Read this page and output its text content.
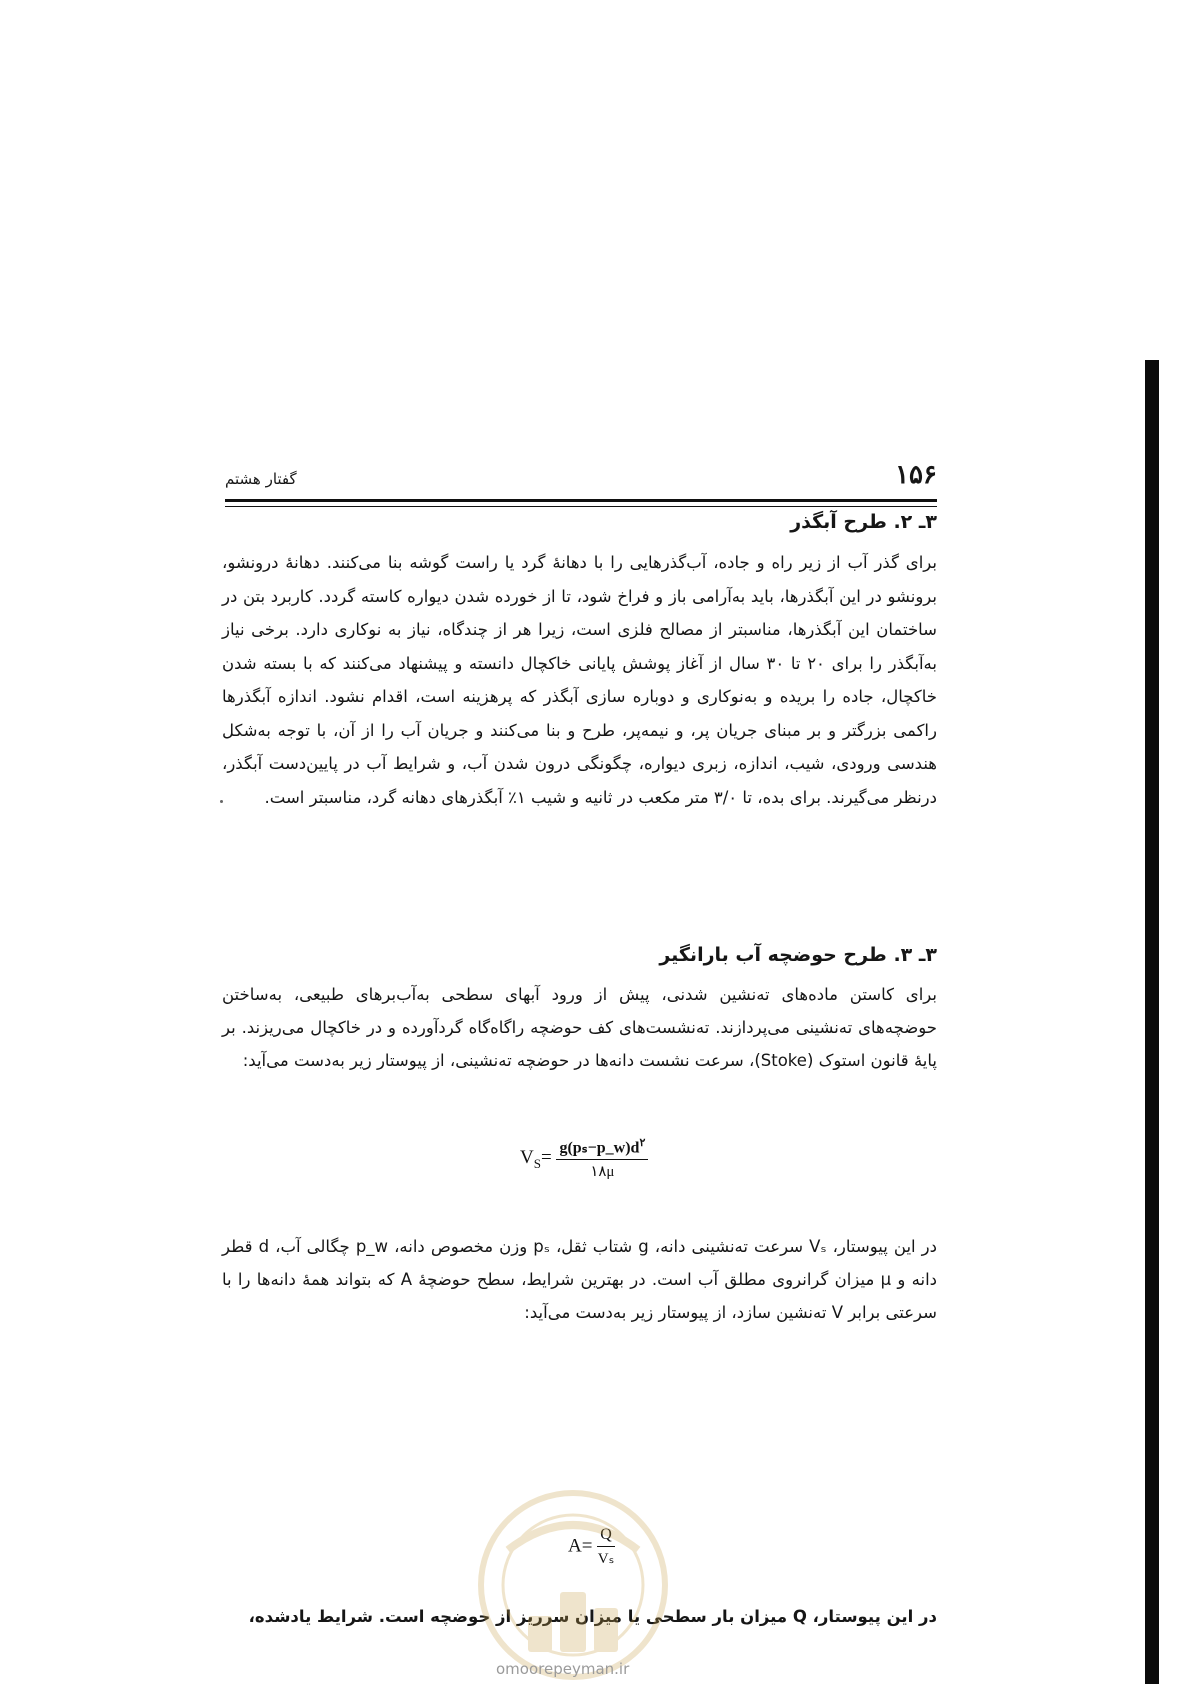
۱۵۶
گفتار هشتم
۳ـ ۲. طرح آبگذر
برای گذر آب از زیر راه و جاده، آب‌گذرهایی را با دهانهٔ گرد یا راست گوشه بنا می‌کنند. دهانهٔ درونشو، برونشو در این آبگذرها، باید به‌آرامی باز و فراخ شود، تا از خورده شدن دیواره کاسته گردد. کاربرد بتن در ساختمان این آبگذرها، مناسبتر از مصالح فلزی است، زیرا هر از چندگاه، نیاز به نوکاری دارد. برخی نیاز به‌آبگذر را برای ۲۰ تا ۳۰ سال از آغاز پوشش پایانی خاکچال دانسته و پیشنهاد می‌کنند که با بسته شدن خاکچال، جاده را بریده و به‌نوکاری و دوباره سازی آبگذر که پرهزینه است، اقدام نشود. اندازه آبگذرها راکمی بزرگتر و بر مبنای جریان پر، و نیمه‌پر، طرح و بنا می‌کنند و جریان آب را از آن، با توجه به‌شکل هندسی ورودی، شیب، اندازه، زبری دیواره، چگونگی درون شدن آب، و شرایط آب در پایین‌دست آبگذر، درنظر می‌گیرند. برای بده، تا ۳/۰ متر مکعب در ثانیه و شیب ۱٪ آبگذرهای دهانه گرد، مناسبتر است.
۳ـ ۳. طرح حوضچه آب بارانگیر
برای کاستن ماده‌های ته‌نشین شدنی، پیش از ورود آبهای سطحی به‌آب‌برهای طبیعی، به‌ساختن حوضچه‌های ته‌نشینی می‌پردازند. ته‌نشست‌های کف حوضچه راگاه‌گاه گردآورده و در خاکچال می‌ریزند. بر پایهٔ قانون استوک (Stoke)، سرعت نشست دانه‌ها در حوضچه ته‌نشینی، از پیوستار زیر به‌دست می‌آید:
$V_S= \frac{g(p_s-p\_w)d^۲}{۱۸\mu}$
در این پیوستار، Vₛ سرعت ته‌نشینی دانه، g شتاب ثقل، pₛ وزن مخصوص دانه، p_w چگالی آب، d قطر دانه و μ میزان گرانروی مطلق آب است. در بهترین شرایط، سطح حوضچهٔ A که بتواند همهٔ دانه‌ها را با سرعتی برابر V ته‌نشین سازد، از پیوستار زیر به‌دست می‌آید:
$A= \frac{Q}{\text{Vₛ}}$
در این پیوستار، Q میزان بار سطحی یا میزان سرریز از حوضچه است. شرایط یادشده،
omoorepeyman.ir
